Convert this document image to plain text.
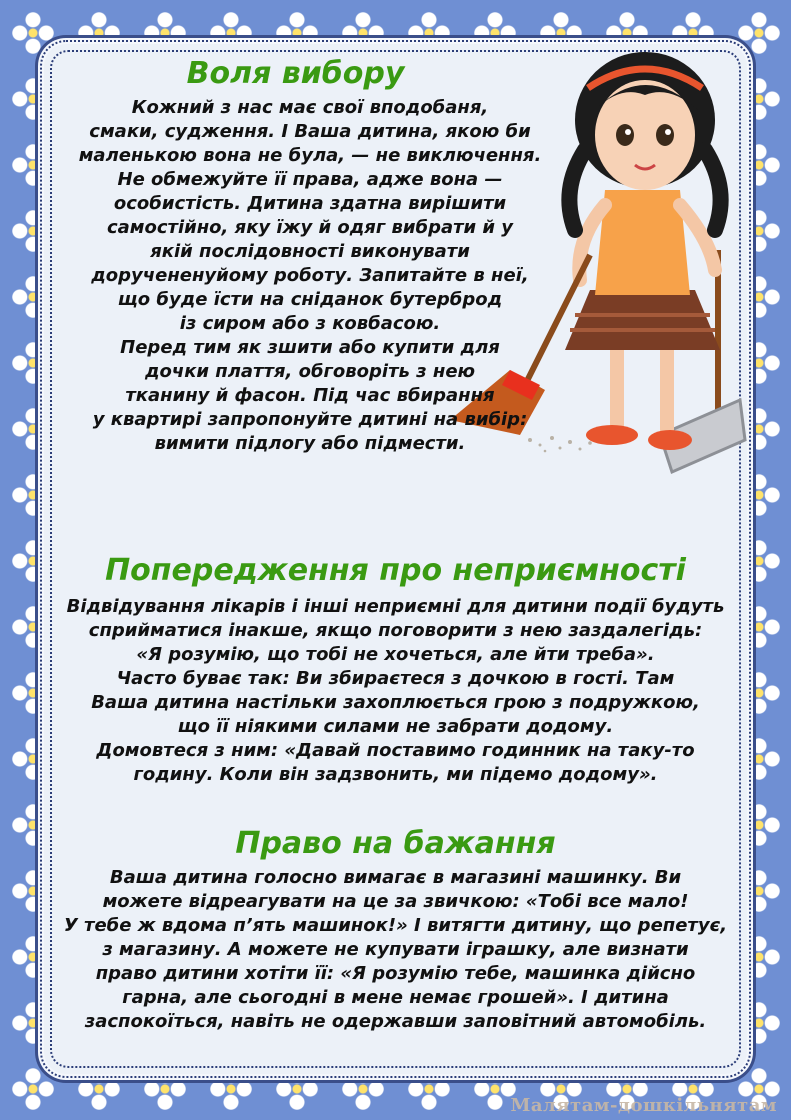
Воля вибору
Кожний з нас має свої вподобаня,
смаки, судження. І Ваша дитина, якою би
маленькою вона не була, — не виключення.
Не обмежуйте її права, адже вона —
особистість. Дитина здатна вирішити
самостійно, яку їжу й одяг вибрати й у
якій послідовності виконувати
доручененуйому роботу. Запитайте в неї,
що буде їсти на сніданок бутерброд
із сиром або з ковбасою.
Перед тим як зшити або купити для
дочки плаття, обговоріть з нею
тканину й фасон. Під час вбирання
у квартирі запропонуйте дитині на вибір:
вимити підлогу або підмести.
Попередження про неприємності
Відвідування лікарів і інші неприємні для дитини події будуть
сприйматися інакше, якщо поговорити з нею заздалегідь:
«Я розумію, що тобі не хочеться, але йти треба».
Часто буває так: Ви збираєтеся з дочкою в гості. Там
Ваша дитина настільки захоплюється грою з подружкою,
що її ніякими силами не забрати додому.
Домовтеся з ним: «Давай поставимо годинник на таку-то
годину. Коли він задзвонить, ми підемо додому».
Право на бажання
Ваша дитина голосно вимагає в магазині машинку. Ви
можете відреагувати на це за звичкою: «Тобі все мало!
У тебе ж вдома п’ять машинок!» І витягти дитину, що репетує,
з магазину. А можете не купувати іграшку, але визнати
право дитини хотіти її: «Я розумію тебе, машинка дійсно
гарна, але сьогодні в мене немає грошей». І дитина
заспокоїться, навіть не одержавши заповітний автомобіль.
Малятам-дошкільнятам
